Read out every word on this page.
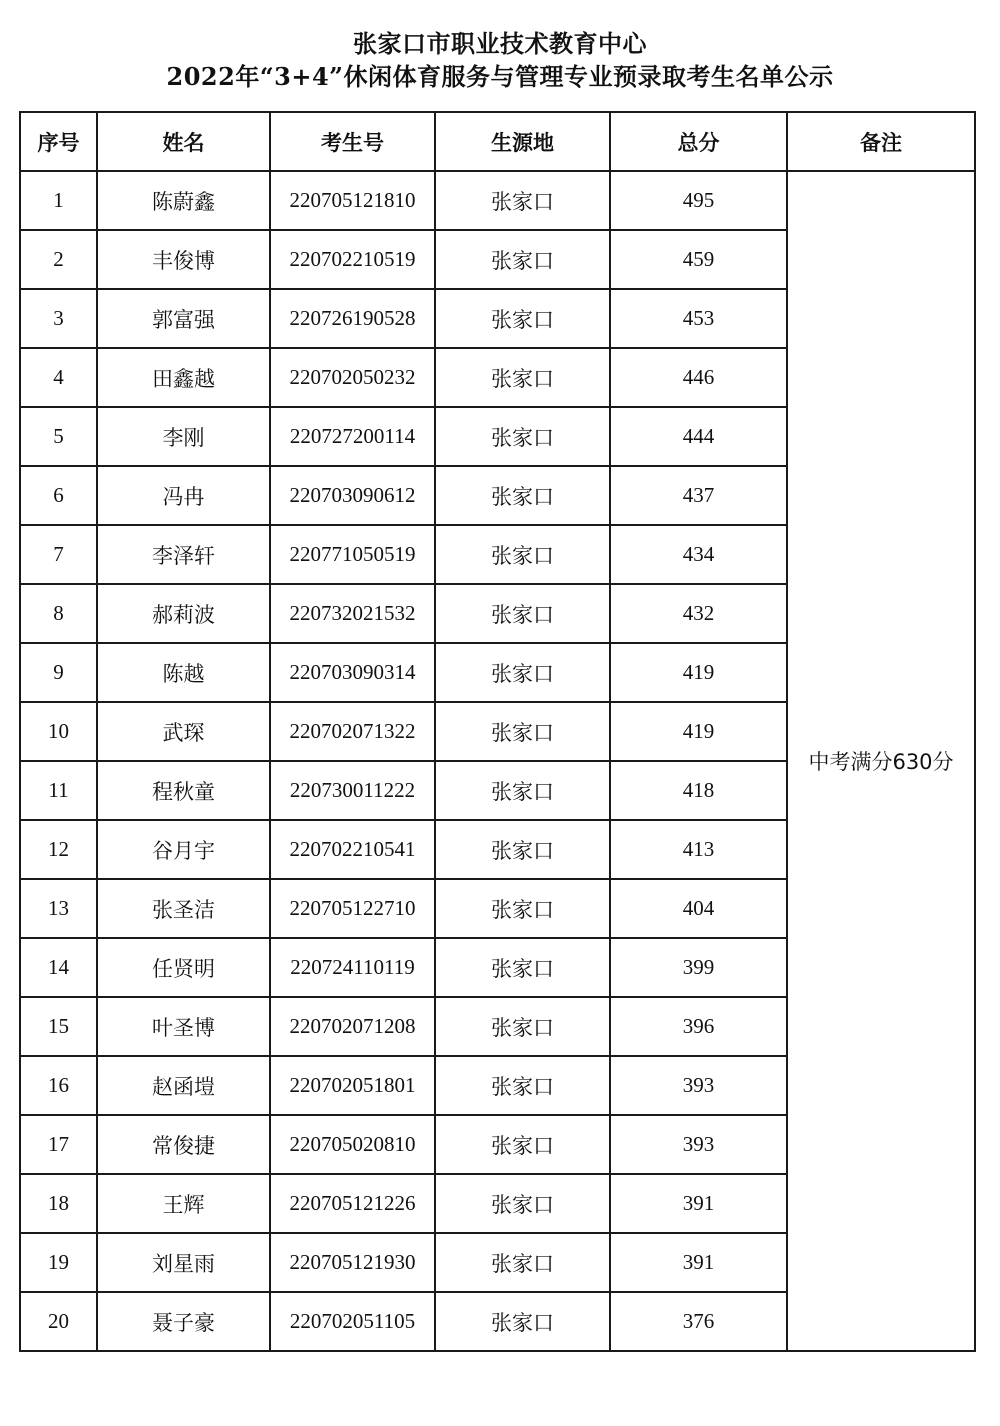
张家口市职业技术教育中心
2022年“3+4”休闲体育服务与管理专业预录取考生名单公示
序号	姓名	考生号	生源地	总分	备注
1	陈蔚鑫	220705121810	张家口	495	中考满分630分
2	丰俊博	220702210519	张家口	459	
3	郭富强	220726190528	张家口	453	
4	田鑫越	220702050232	张家口	446	
5	李刚	220727200114	张家口	444	
6	冯冉	220703090612	张家口	437	
7	李泽轩	220771050519	张家口	434	
8	郝莉波	220732021532	张家口	432	
9	陈越	220703090314	张家口	419	
10	武琛	220702071322	张家口	419	
11	程秋童	220730011222	张家口	418	
12	谷月宇	220702210541	张家口	413	
13	张圣洁	220705122710	张家口	404	
14	任贤明	220724110119	张家口	399	
15	叶圣博	220702071208	张家口	396	
16	赵函塏	220702051801	张家口	393	
17	常俊捷	220705020810	张家口	393	
18	王辉	220705121226	张家口	391	
19	刘星雨	220705121930	张家口	391	
20	聂子豪	220702051105	张家口	376	
